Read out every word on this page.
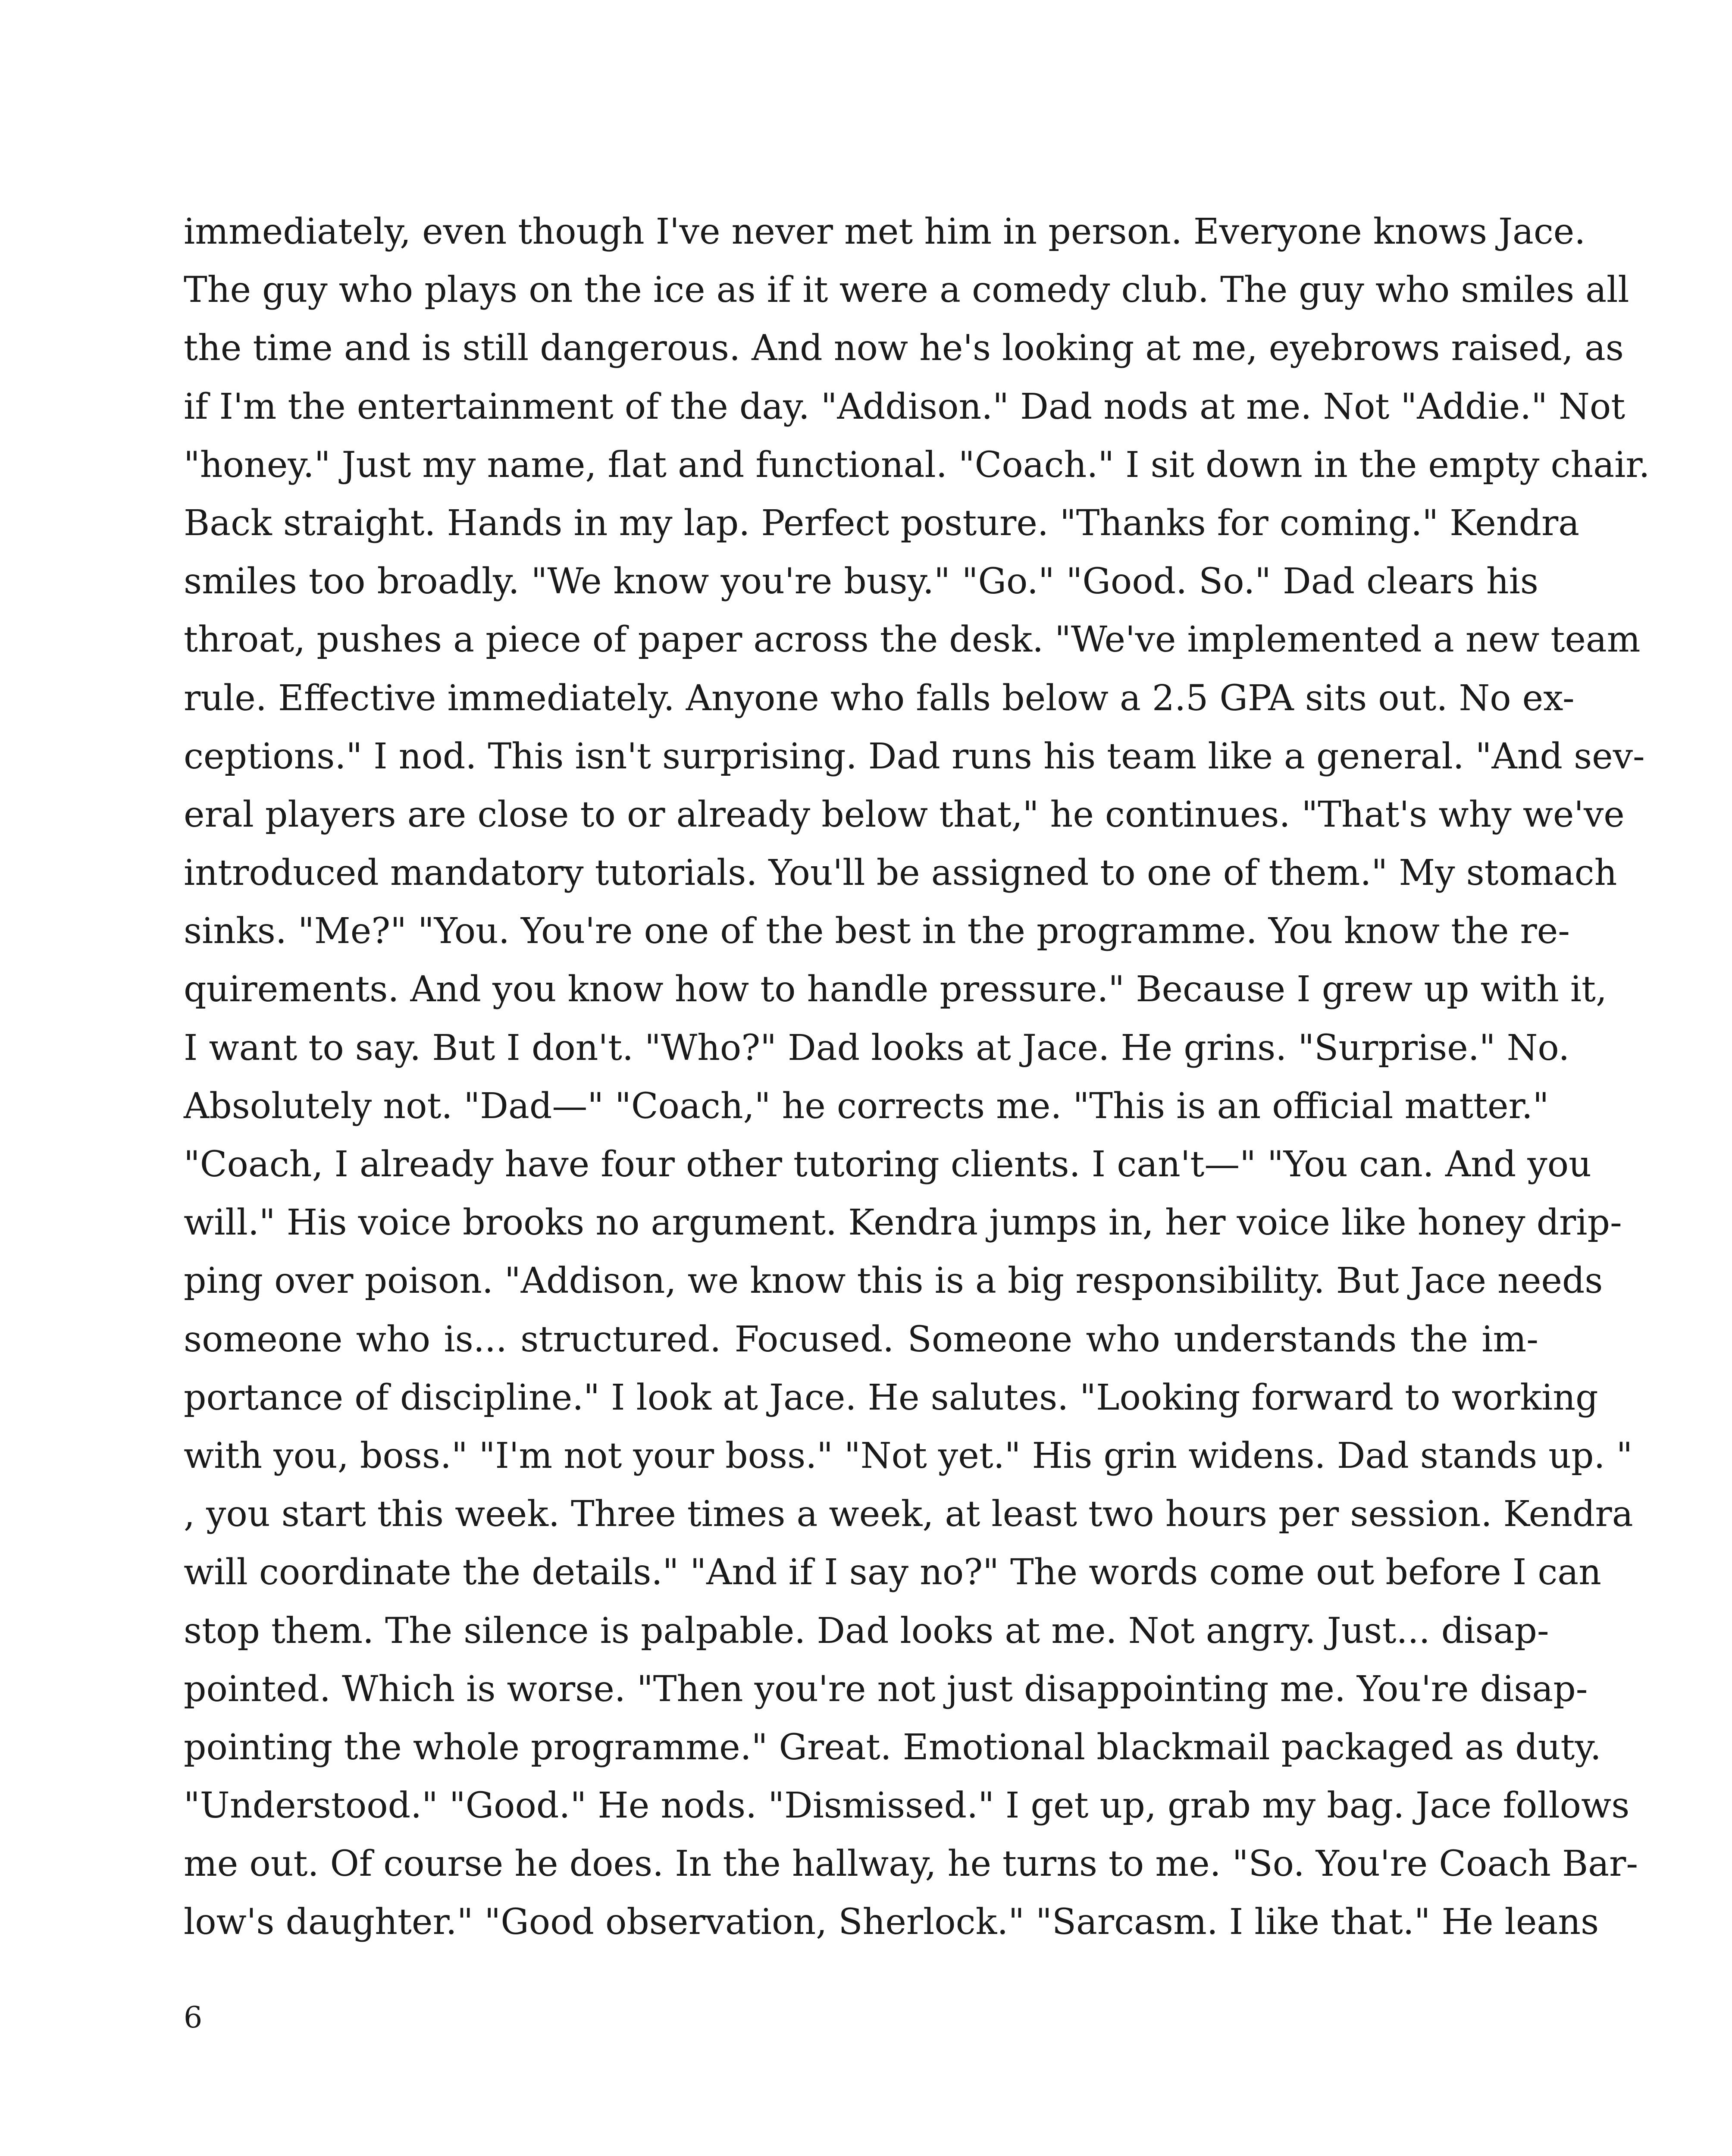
immediately, even though I've never met him in person. Everyone knows Jace.
The guy who plays on the ice as if it were a comedy club. The guy who smiles all
the time and is still dangerous. And now he's looking at me, eyebrows raised, as
if I'm the entertainment of the day. "Addison." Dad nods at me. Not "Addie." Not
"honey." Just my name, flat and functional. "Coach." I sit down in the empty chair.
Back straight. Hands in my lap. Perfect posture. "Thanks for coming." Kendra
smiles too broadly. "We know you're busy." "Go." "Good. So." Dad clears his
throat, pushes a piece of paper across the desk. "We've implemented a new team
rule. Effective immediately. Anyone who falls below a 2.5 GPA sits out. No ex-
ceptions." I nod. This isn't surprising. Dad runs his team like a general. "And sev-
eral players are close to or already below that," he continues. "That's why we've
introduced mandatory tutorials. You'll be assigned to one of them." My stomach
sinks. "Me?" "You. You're one of the best in the programme. You know the re-
quirements. And you know how to handle pressure." Because I grew up with it,
I want to say. But I don't. "Who?" Dad looks at Jace. He grins. "Surprise." No.
Absolutely not. "Dad—" "Coach," he corrects me. "This is an official matter."
"Coach, I already have four other tutoring clients. I can't—" "You can. And you
will." His voice brooks no argument. Kendra jumps in, her voice like honey drip-
ping over poison. "Addison, we know this is a big responsibility. But Jace needs
someone who is... structured. Focused. Someone who understands the im-
portance of discipline." I look at Jace. He salutes. "Looking forward to working
with you, boss." "I'm not your boss." "Not yet." His grin widens. Dad stands up. "
, you start this week. Three times a week, at least two hours per session. Kendra
will coordinate the details." "And if I say no?" The words come out before I can
stop them. The silence is palpable. Dad looks at me. Not angry. Just... disap-
pointed. Which is worse. "Then you're not just disappointing me. You're disap-
pointing the whole programme." Great. Emotional blackmail packaged as duty.
"Understood." "Good." He nods. "Dismissed." I get up, grab my bag. Jace follows
me out. Of course he does. In the hallway, he turns to me. "So. You're Coach Bar-
low's daughter." "Good observation, Sherlock." "Sarcasm. I like that." He leans
6
